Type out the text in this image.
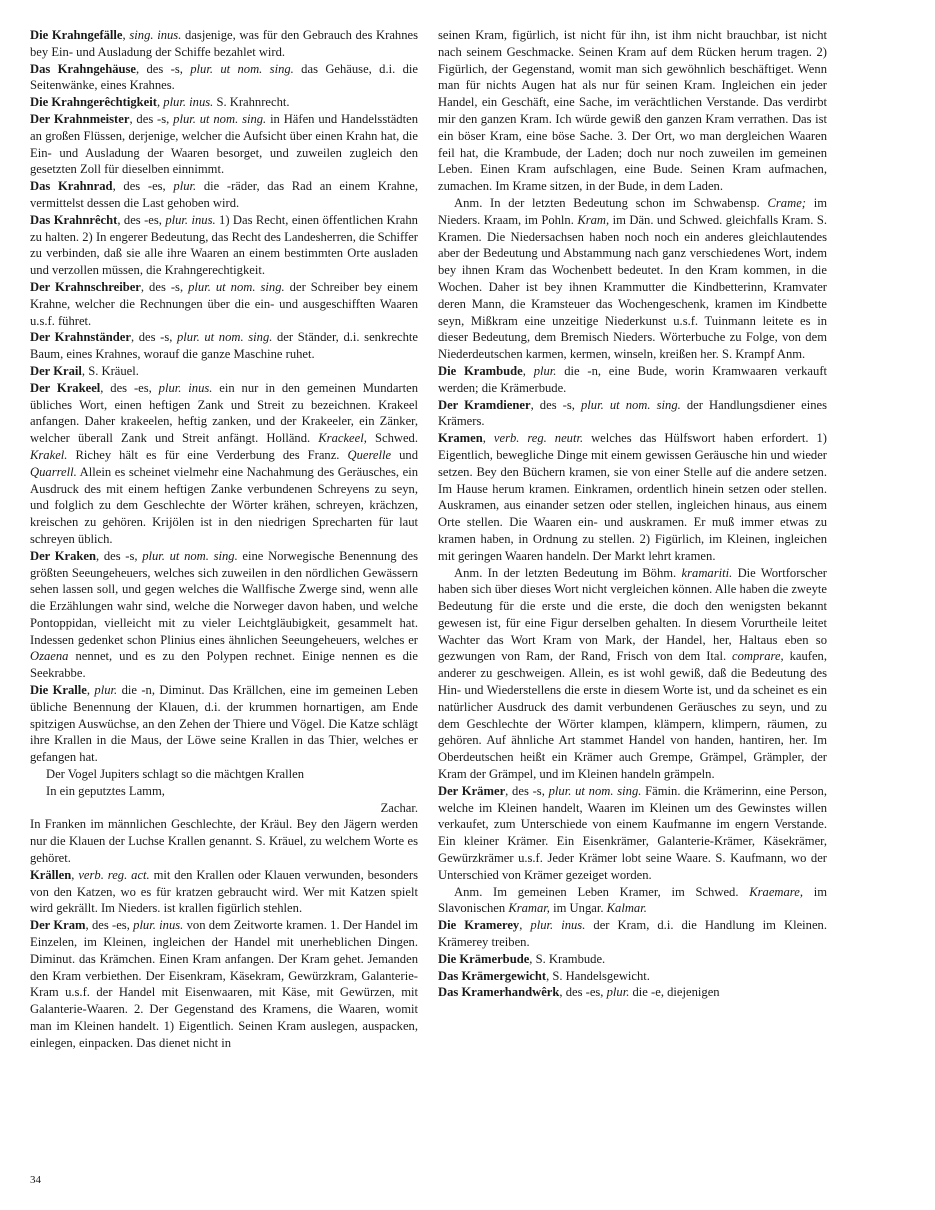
Die Krahngefälle, sing. inus. dasjenige, was für den Gebrauch des Krahnes bey Ein- und Ausladung der Schiffe bezahlet wird.

Das Krahngehäuse, des -s, plur. ut nom. sing. das Gehäuse, d.i. die Seitenwänke, eines Krahnes.

Die Krahngerêchtigkeit, plur. inus. S. Krahnrecht.

Der Krahnmeister, des -s, plur. ut nom. sing. in Häfen und Handelsstädten an großen Flüssen, derjenige, welcher die Aufsicht über einen Krahn hat, die Ein- und Ausladung der Waaren besorget, und zuweilen zugleich den gesetzten Zoll für dieselben einnimmt.

Das Krahnrad, des -es, plur. die -räder, das Rad an einem Krahne, vermittelst dessen die Last gehoben wird.

Das Krahnrêcht, des -es, plur. inus. 1) Das Recht, einen öffentlichen Krahn zu halten. 2) In engerer Bedeutung, das Recht des Landesherren, die Schiffer zu verbinden, daß sie alle ihre Waaren an einem bestimmten Orte ausladen und verzollen müssen, die Krahngerechtigkeit.

Der Krahnschreiber, des -s, plur. ut nom. sing. der Schreiber bey einem Krahne, welcher die Rechnungen über die ein- und ausgeschifften Waaren u.s.f. führet.

Der Krahnständer, des -s, plur. ut nom. sing. der Ständer, d.i. senkrechte Baum, eines Krahnes, worauf die ganze Maschine ruhet.

Der Krail, S. Kräuel.

Der Krakeel, des -es, plur. inus. ein nur in den gemeinen Mundarten übliches Wort, einen heftigen Zank und Streit zu bezeichnen. Krakeel anfangen. Daher krakeelen, heftig zanken, und der Krakeeler, ein Zänker, welcher überall Zank und Streit anfängt. Holländ. Krackeel, Schwed. Krakel. Richey hält es für eine Verderbung des Franz. Querelle und Quarrell. Allein es scheinet vielmehr eine Nachahmung des Geräusches, ein Ausdruck des mit einem heftigen Zanke verbundenen Schreyens zu seyn, und folglich zu dem Geschlechte der Wörter krähen, schreyen, krächzen, kreischen zu gehören. Krijölen ist in den niedrigen Sprecharten für laut schreyen üblich.

Der Kraken, des -s, plur. ut nom. sing. eine Norwegische Benennung des größten Seeungeheuers, welches sich zuweilen in den nördlichen Gewässern sehen lassen soll, und gegen welches die Wallfische Zwerge sind, wenn alle die Erzählungen wahr sind, welche die Norweger davon haben, und welche Pontoppidan, vielleicht mit zu vieler Leichtgläubigkeit, gesammelt hat. Indessen gedenket schon Plinius eines ähnlichen Seeungeheuers, welches er Ozaena nennet, und es zu den Polypen rechnet. Einige nennen es die Seekrabbe.

Die Kralle, plur. die -n, Diminut. Das Krällchen, eine im gemeinen Leben übliche Benennung der Klauen, d.i. der krummen hornartigen, am Ende spitzigen Auswüchse, an den Zehen der Thiere und Vögel. Die Katze schlägt ihre Krallen in die Maus, der Löwe seine Krallen in das Thier, welches er gefangen hat.

Der Vogel Jupiters schlagt so die mächtgen Krallen

In ein geputztes Lamm,

Zachar.

In Franken im männlichen Geschlechte, der Kräul. Bey den Jägern werden nur die Klauen der Luchse Krallen genannt. S. Kräuel, zu welchem Worte es gehöret.

Krällen, verb. reg. act. mit den Krallen oder Klauen verwunden, besonders von den Katzen, wo es für kratzen gebraucht wird. Wer mit Katzen spielt wird gekrällt. Im Nieders. ist krallen figürlich stehlen.

Der Kram, des -es, plur. inus. von dem Zeitworte kramen. 1. Der Handel im Einzelen, im Kleinen, ingleichen der Handel mit unerheblichen Dingen. Diminut. das Krämchen. Einen Kram anfangen. Der Kram gehet. Jemanden den Kram verbiethen. Der Eisenkram, Käsekram, Gewürzkram, Galanterie-Kram u.s.f. der Handel mit Eisenwaaren, mit Käse, mit Gewürzen, mit Galanterie-Waaren. 2. Der Gegenstand des Kramens, die Waaren, womit man im Kleinen handelt. 1) Eigentlich. Seinen Kram auslegen, auspacken, einlegen, einpacken. Das dienet nicht in

seinen Kram, figürlich, ist nicht für ihn, ist ihm nicht brauchbar, ist nicht nach seinem Geschmacke. Seinen Kram auf dem Rücken herum tragen. 2) Figürlich, der Gegenstand, womit man sich gewöhnlich beschäftiget. Wenn man für nichts Augen hat als nur für seinen Kram. Ingleichen ein jeder Handel, ein Geschäft, eine Sache, im verächtlichen Verstande. Das verdirbt mir den ganzen Kram. Ich würde gewiß den ganzen Kram verrathen. Das ist ein böser Kram, eine böse Sache. 3. Der Ort, wo man dergleichen Waaren feil hat, die Krambude, der Laden; doch nur noch zuweilen im gemeinen Leben. Einen Kram aufschlagen, eine Bude. Seinen Kram aufmachen, zumachen. Im Krame sitzen, in der Bude, in dem Laden.

Anm. In der letzten Bedeutung schon im Schwabensp. Crame; im Nieders. Kraam, im Pohln. Kram, im Dän. und Schwed. gleichfalls Kram. S. Kramen. Die Niedersachsen haben noch noch ein anderes gleichlautendes aber der Bedeutung und Abstammung nach ganz verschiedenes Wort, indem bey ihnen Kram das Wochenbett bedeutet. In den Kram kommen, in die Wochen. Daher ist bey ihnen Krammutter die Kindbetterinn, Kramvater deren Mann, die Kramsteuer das Wochengeschenk, kramen im Kindbette seyn, Mißkram eine unzeitige Niederkunst u.s.f. Tuinmann leitete es in dieser Bedeutung, dem Bremisch Nieders. Wörterbuche zu Folge, von dem Niederdeutschen karmen, kermen, winseln, kreißen her. S. Krampf Anm.

Die Krambude, plur. die -n, eine Bude, worin Kramwaaren verkauft werden; die Krämerbude.

Der Kramdiener, des -s, plur. ut nom. sing. der Handlungsdiener eines Krämers.

Kramen, verb. reg. neutr. welches das Hülfswort haben erfordert. 1) Eigentlich, bewegliche Dinge mit einem gewissen Geräusche hin und wieder setzen. Bey den Büchern kramen, sie von einer Stelle auf die andere setzen. Im Hause herum kramen. Einkramen, ordentlich hinein setzen oder stellen. Auskramen, aus einander setzen oder stellen, ingleichen hinaus, aus einem Orte stellen. Die Waaren ein- und auskramen. Er muß immer etwas zu kramen haben, in Ordnung zu stellen. 2) Figürlich, im Kleinen, ingleichen mit geringen Waaren handeln. Der Markt lehrt kramen.

Anm. In der letzten Bedeutung im Böhm. kramariti. Die Wortforscher haben sich über dieses Wort nicht vergleichen können. Alle haben die zweyte Bedeutung für die erste und die erste, die doch den wenigsten bekannt gewesen ist, für eine Figur derselben gehalten. In diesem Vorurtheile leitet Wachter das Wort Kram von Mark, der Handel, her, Haltaus eben so gezwungen von Ram, der Rand, Frisch von dem Ital. comprare, kaufen, anderer zu geschweigen. Allein, es ist wohl gewiß, daß die Bedeutung des Hin- und Wiederstellens die erste in diesem Worte ist, und da scheinet es ein natürlicher Ausdruck des damit verbundenen Geräusches zu seyn, und zu dem Geschlechte der Wörter klampen, klämpern, klimpern, räumen, zu gehören. Auf ähnliche Art stammet Handel von handen, hantiren, her. Im Oberdeutschen heißt ein Krämer auch Grempe, Grämpel, Grämpler, der Kram der Grämpel, und im Kleinen handeln grämpeln.

Der Krämer, des -s, plur. ut nom. sing. Fämin. die Krämerinn, eine Person, welche im Kleinen handelt, Waaren im Kleinen um des Gewinstes willen verkaufet, zum Unterschiede von einem Kaufmanne im engern Verstande. Ein kleiner Krämer. Ein Eisenkrämer, Galanterie-Krämer, Käsekrämer, Gewürzkrämer u.s.f. Jeder Krämer lobt seine Waare. S. Kaufmann, wo der Unterschied von Krämer gezeiget worden.

Anm. Im gemeinen Leben Kramer, im Schwed. Kraemare, im Slavonischen Kramar, im Ungar. Kalmar.

Die Kramerey, plur. inus. der Kram, d.i. die Handlung im Kleinen. Krämerey treiben.

Die Krämerbude, S. Krambude.

Das Krämergewicht, S. Handelsgewicht.

Das Kramerhandwêrk, des -es, plur. die -e, diejenigen

34
